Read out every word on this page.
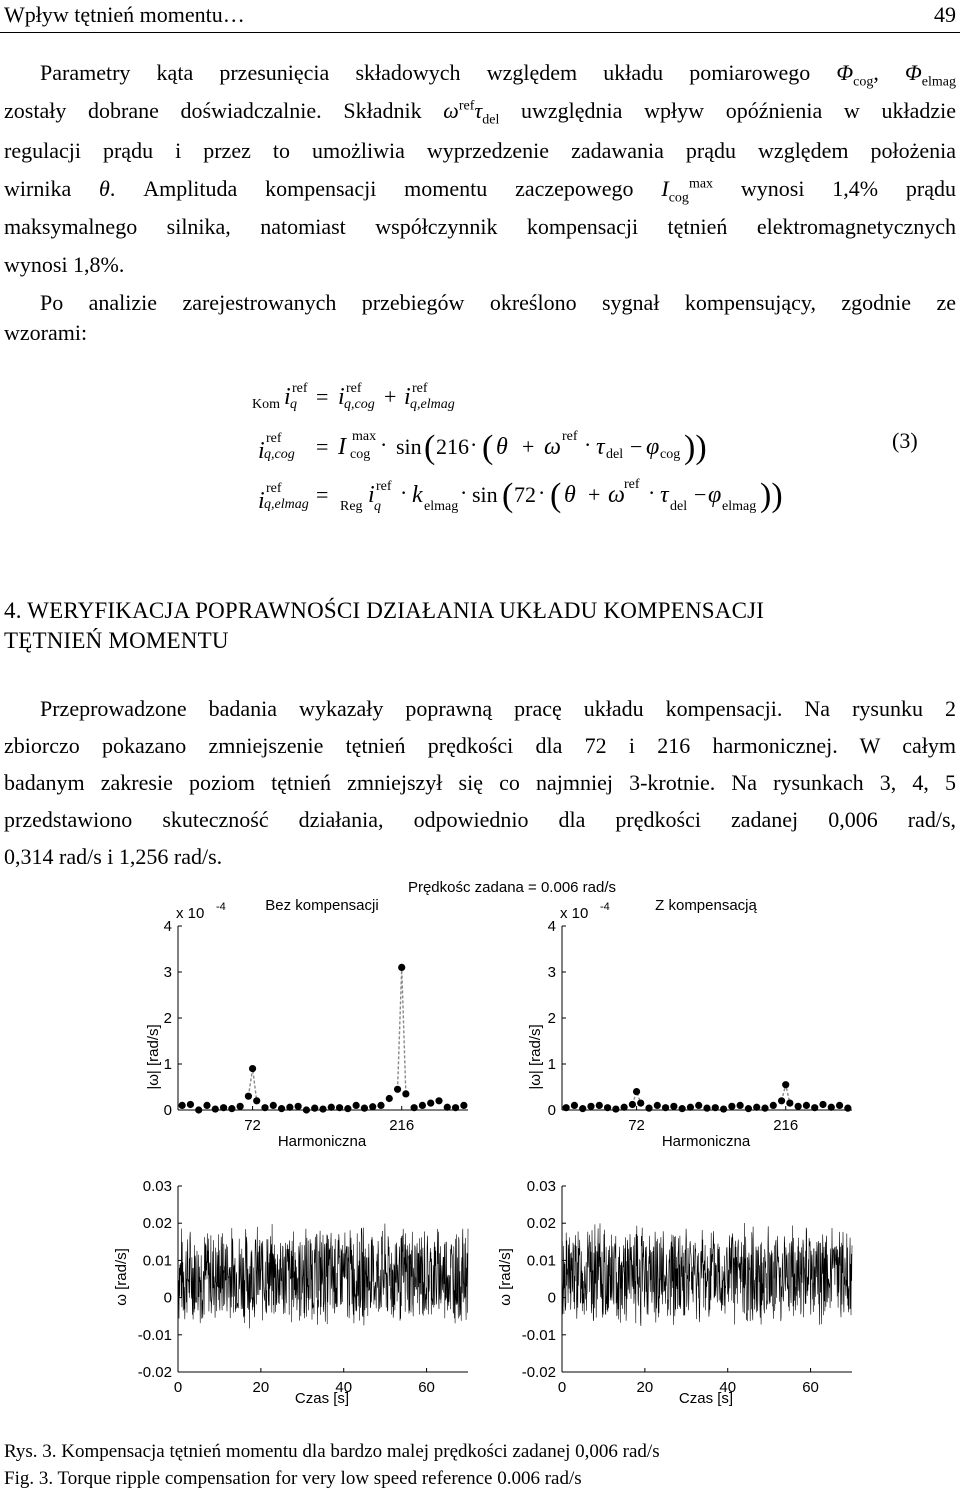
Wpływ tętnień momentu…	49
Parametry kąta przesunięcia składowych względem układu pomiarowego $\Phi_{cog}$, $\Phi_{elmag}$
zostały dobrane doświadczalnie. Składnik $\omega^{ref}\tau_{del}$ uwzględnia wpływ opóźnienia w układzie
regulacji prądu i przez to umożliwia wyprzedzenie zadawania prądu względem położenia
wirnika θ. Amplituda kompensacji momentu zaczepowego $I_{cog}^{max}$ wynosi 1,4% prądu
maksymalnego silnika, natomiast współczynnik kompensacji tętnień elektromagnetycznych
wynosi 1,8%.
Po analizie zarejestrowanych przebiegów określono sygnał kompensujący, zgodnie ze
wzorami:
Kom i ref
q = i ref
q,cog + i ref
q,elmag
i ref
q,cog = I max
cog · sin ( 216 · ( θ + ω ref · τ del − φ cog ))
i ref
q,elmag = Reg i ref
q
· k elmag
· sin ( 72 · ( θ + ω ref · τ del − φ elmag ))
(3)
4. WERYFIKACJA POPRAWNOŚCI DZIAŁANIA UKŁADU KOMPENSACJI
TĘTNIEŃ MOMENTU
Przeprowadzone badania wykazały poprawną pracę układu kompensacji. Na rysunku 2
zbiorczo pokazano zmniejszenie tętnień prędkości dla 72 i 216 harmonicznej. W całym
badanym zakresie poziom tętnień zmniejszył się co najmniej 3-krotnie. Na rysunkach 3, 4, 5
przedstawiono skuteczność działania, odpowiednio dla prędkości zadanej 0,006 rad/s,
0,314 rad/s i 1,256 rad/s.
Prędkośc zadana = 0.006 rad/s
Bez kompensacji	Z kompensacją
x 10 -4	x 10 -4
0
1
2
3
4
72	216
0
1
2
3
4
72	216
-0.02
-0.01
0
0.01
0.02
0.03
0	20	40	60
-0.02
-0.01
0
0.01
0.02
0.03
0	20	40	60
|ω| [rad/s]	|ω| [rad/s]
Harmoniczna	Harmoniczna
ω [rad/s]	ω [rad/s]
Czas [s]	Czas [s]
Rys. 3. Kompensacja tętnień momentu dla bardzo malej prędkości zadanej 0,006 rad/s
Fig. 3. Torque ripple compensation for very low speed reference 0.006 rad/s
